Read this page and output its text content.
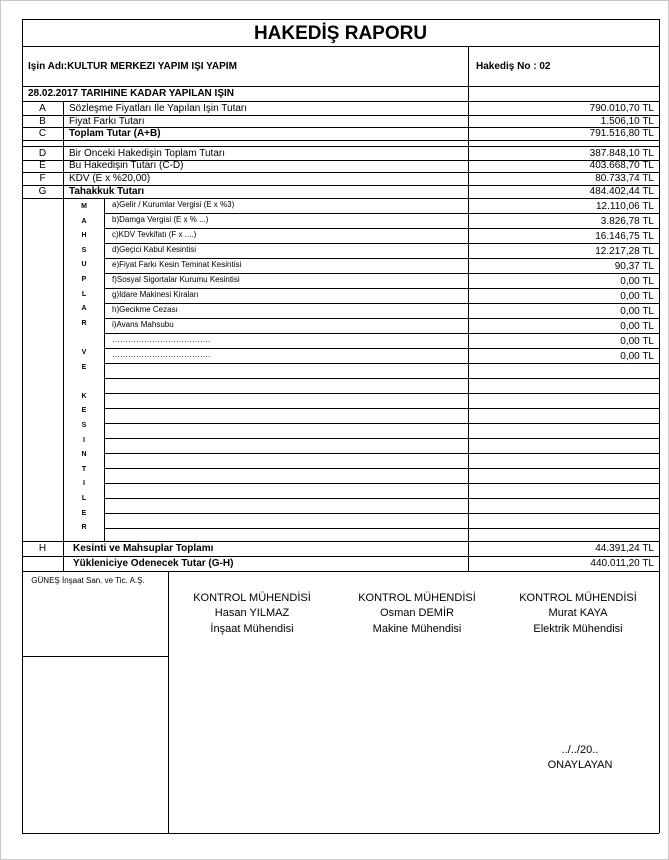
HAKEDİŞ RAPORU
Işin Adı:KULTUR MERKEZI YAPIM IŞI YAPIM	Hakediş No : 02
28.02.2017 TARIHINE KADAR YAPILAN IŞIN
A	Sözleşme Fiyatları Ile Yapılan Işin Tutarı	790.010,70 TL
B	Fiyat Farkı Tutarı	1.506,10 TL
C	Toplam Tutar (A+B)	791.516,80 TL
D	Bir Onceki Hakedişin Toplam Tutarı	387.848,10 TL
E	Bu Hakedişin Tutarı (C-D)	403.668,70 TL
F	KDV (E x %20,00)	80.733,74 TL
G	Tahakkuk Tutarı	484.402,44 TL
M
A
H
S
U
P
L
A
R
V
E
K
E
S
I
N
T
I
L
E
R
a)Gelir / Kurumlar Vergisi (E x %3)	12.110,06 TL
b)Damga Vergisi (E x % ...)	3.826,78 TL
c)KDV Tevkifatı (F x ....)	16.146,75 TL
d)Geçici Kabul Kesintisi	12.217,28 TL
e)Fiyat Farkı Kesin Teminat Kesintisi	90,37 TL
f)Sosyal Sigortalar Kurumu Kesintisi	0,00 TL
g)Idare Makinesi Kiraları	0,00 TL
h)Gecikme Cezası	0,00 TL
i)Avans Mahsubu	0,00 TL
……………………………….	0,00 TL
……………………………….	0,00 TL
H	Kesinti ve Mahsuplar Toplamı	44.391,24 TL
Yükleniciye Odenecek Tutar (G-H)	440.011,20 TL
GÜNEŞ İnşaat San. ve Tic. A.Ş.
KONTROL MÜHENDİSİ
Hasan YILMAZ
İnşaat Mühendisi
KONTROL MÜHENDİSİ
Osman DEMİR
Makine Mühendisi
KONTROL MÜHENDİSİ
Murat KAYA
Elektrik Mühendisi
../../20..
ONAYLAYAN
